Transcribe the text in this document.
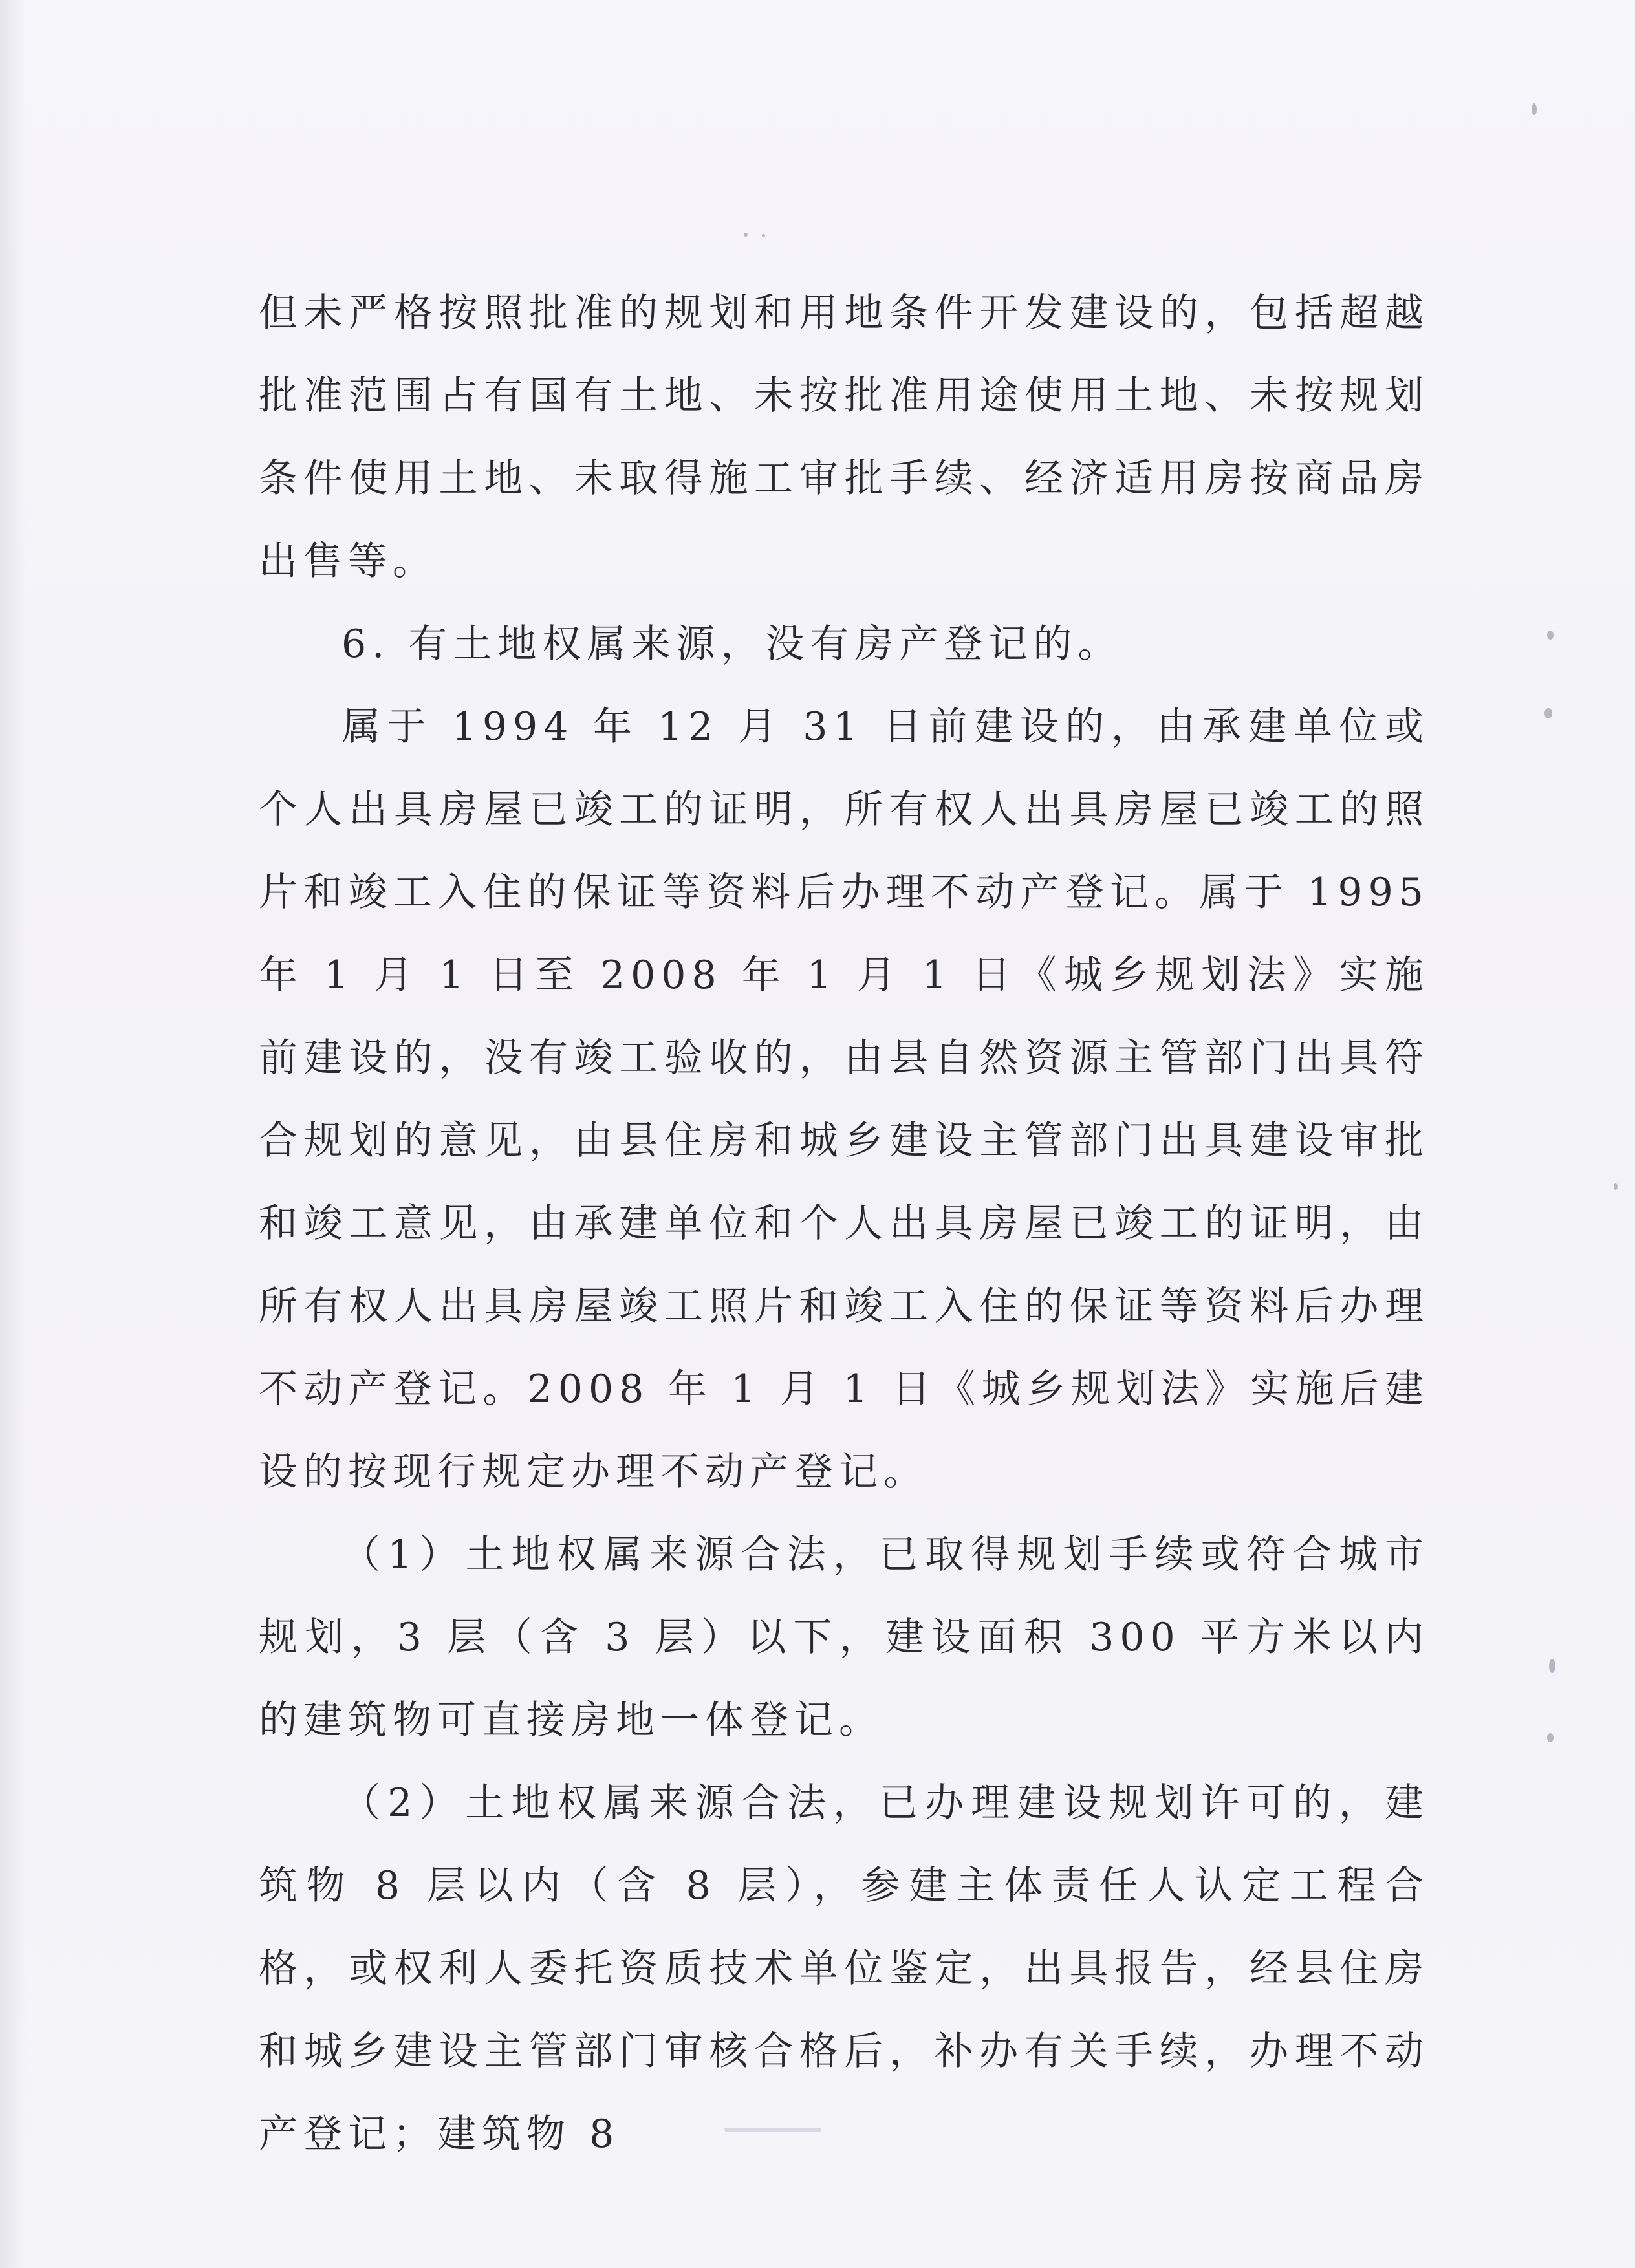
但未严格按照批准的规划和用地条件开发建设的，包括超越批准范围占有国有土地、未按批准用途使用土地、未按规划条件使用土地、未取得施工审批手续、经济适用房按商品房出售等。

6. 有土地权属来源，没有房产登记的。

属于 1994 年 12 月 31 日前建设的，由承建单位或个人出具房屋已竣工的证明，所有权人出具房屋已竣工的照片和竣工入住的保证等资料后办理不动产登记。属于 1995 年 1 月 1 日至 2008 年 1 月 1 日《城乡规划法》实施前建设的，没有竣工验收的，由县自然资源主管部门出具符合规划的意见，由县住房和城乡建设主管部门出具建设审批和竣工意见，由承建单位和个人出具房屋已竣工的证明，由所有权人出具房屋竣工照片和竣工入住的保证等资料后办理不动产登记。2008 年 1 月 1 日《城乡规划法》实施后建设的按现行规定办理不动产登记。

（1）土地权属来源合法，已取得规划手续或符合城市规划，3 层（含 3 层）以下，建设面积 300 平方米以内的建筑物可直接房地一体登记。

（2）土地权属来源合法，已办理建设规划许可的，建筑物 8 层以内（含 8 层），参建主体责任人认定工程合格，或权利人委托资质技术单位鉴定，出具报告，经县住房和城乡建设主管部门审核合格后，补办有关手续，办理不动产登记；建筑物 8
